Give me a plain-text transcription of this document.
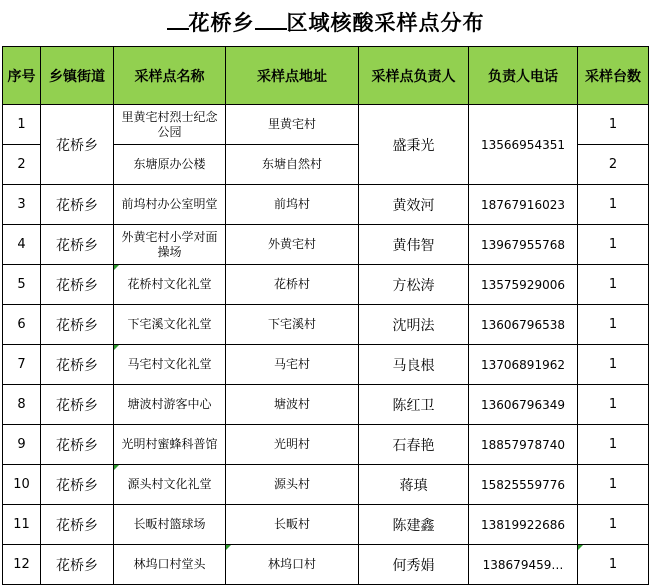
花桥乡 区域核酸采样点分布
序号	乡镇街道	采样点名称	采样点地址	采样点负责人	负责人电话	采样台数
1	花桥乡	里黄宅村烈士纪念公园	里黄宅村	盛秉光	13566954351	1
2		东塘原办公楼	东塘自然村			2
3	花桥乡	前坞村办公室明堂	前坞村	黄效河	18767916023	1
4	花桥乡	外黄宅村小学对面操场	外黄宅村	黄伟智	13967955768	1
5	花桥乡	花桥村文化礼堂	花桥村	方松涛	13575929006	1
6	花桥乡	下宅溪文化礼堂	下宅溪村	沈明法	13606796538	1
7	花桥乡	马宅村文化礼堂	马宅村	马良根	13706891962	1
8	花桥乡	塘波村游客中心	塘波村	陈红卫	13606796349	1
9	花桥乡	光明村蜜蜂科普馆	光明村	石春艳	18857978740	1
10	花桥乡	源头村文化礼堂	源头村	蒋瑱	15825559776	1
11	花桥乡	长畈村篮球场	长畈村	陈建鑫	13819922686	1
12	花桥乡	林坞口村堂头	林坞口村	何秀娟	138679459…	1
